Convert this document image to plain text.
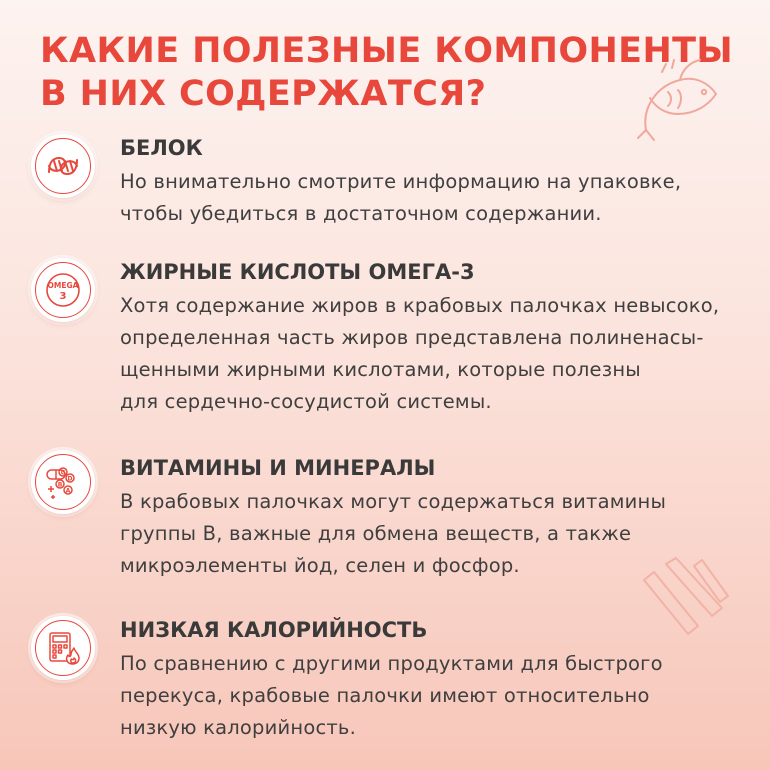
КАКИЕ ПОЛЕЗНЫЕ КОМПОНЕНТЫ
В НИХ СОДЕРЖАТСЯ?
БЕЛОК

Но внимательно смотрите информацию на упаковке,
чтобы убедиться в достаточном содержании.

OMEGA
3
ЖИРНЫЕ КИСЛОТЫ ОМЕГА-3

Хотя содержание жиров в крабовых палочках невысоко,
определенная часть жиров представлена полиненасы-
щенными жирными кислотами, которые полезны
для сердечно-сосудистой системы.

C
D
B
A
ВИТАМИНЫ И МИНЕРАЛЫ

В крабовых палочках могут содержаться витамины
группы В, важные для обмена веществ, а также
микроэлементы йод, селен и фосфор.

НИЗКАЯ КАЛОРИЙНОСТЬ

По сравнению с другими продуктами для быстрого
перекуса, крабовые палочки имеют относительно
низкую калорийность.
